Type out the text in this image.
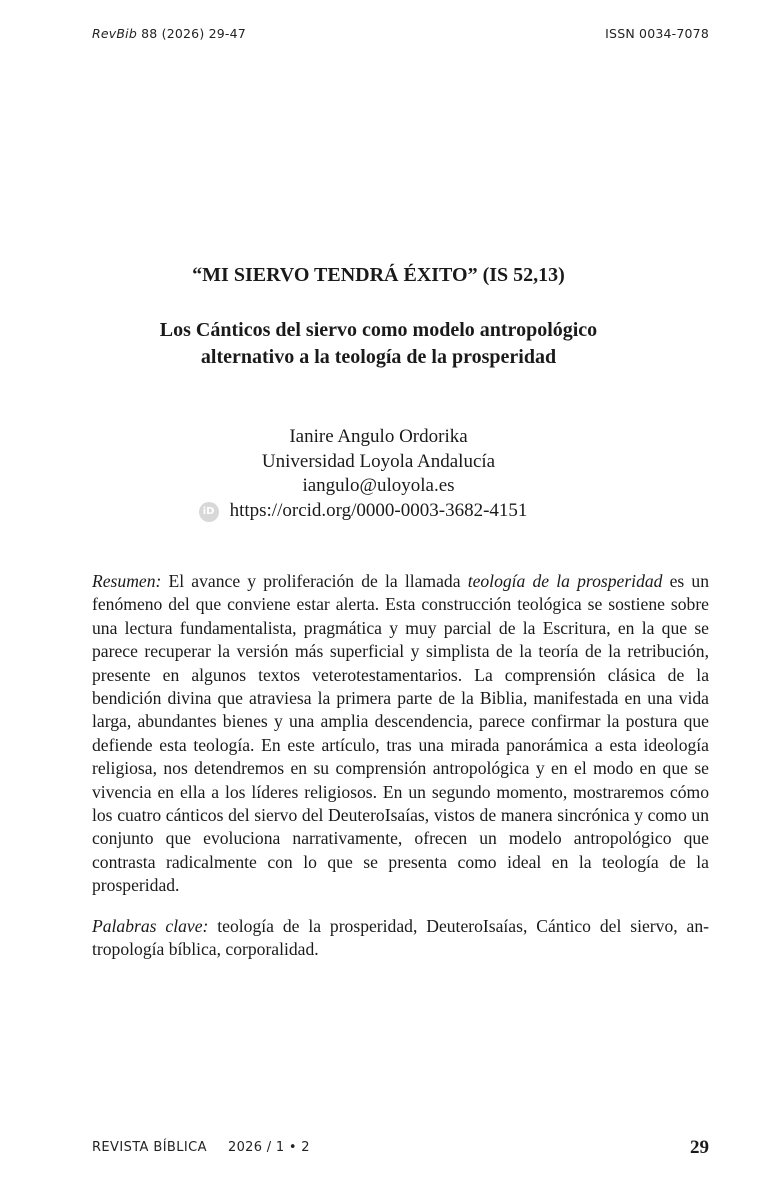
RevBib 88 (2026) 29-47	ISSN 0034-7078
“MI SIERVO TENDRÁ ÉXITO” (IS 52,13)
Los Cánticos del siervo como modelo antropológico
alternativo a la teología de la prosperidad
Ianire Angulo Ordorika
Universidad Loyola Andalucía
iangulo@uloyola.es
iD https://orcid.org/0000-0003-3682-4151

Resumen: El avance y proliferación de la llamada teología de la prosperidad es un fenómeno del que conviene estar alerta. Esta construcción teológica se sostiene sobre una lectura fundamentalista, pragmática y muy parcial de la Escritura, en la que se parece recuperar la versión más superficial y simplista de la teoría de la retribución, presente en algunos textos veterotestamentarios. La comprensión clásica de la bendición divina que atraviesa la primera parte de la Biblia, manifestada en una vida larga, abundantes bienes y una amplia descendencia, parece confirmar la postura que defiende esta teología. En este artículo, tras una mirada panorámica a esta ideología religiosa, nos detendremos en su comprensión antropológica y en el modo en que se vivencia en ella a los líderes religiosos. En un segundo momento, mostraremos cómo los cuatro cánticos del siervo del DeuteroIsaías, vistos de manera sincrónica y como un conjunto que evoluciona narrativamente, ofrecen un modelo antropológico que contrasta radicalmente con lo que se presenta como ideal en la teología de la prosperidad.

Palabras clave: teología de la prosperidad, DeuteroIsaías, Cántico del siervo, antropología bíblica, corporalidad.

REVISTA BÍBLICA 2026 / 1 • 2	29
